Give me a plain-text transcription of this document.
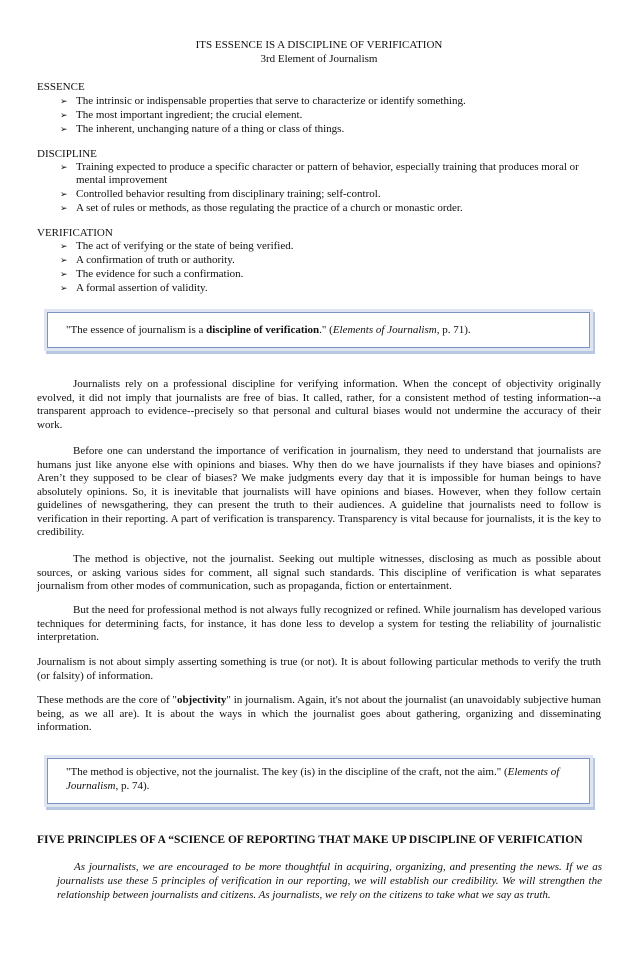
ITS ESSENCE IS A DISCIPLINE OF VERIFICATION
3rd Element of Journalism
ESSENCE
➢ The intrinsic or indispensable properties that serve to characterize or identify something.
➢ The most important ingredient; the crucial element.
➢ The inherent, unchanging nature of a thing or class of things.
DISCIPLINE
➢ Training expected to produce a specific character or pattern of behavior, especially training that produces moral or mental improvement
➢ Controlled behavior resulting from disciplinary training; self-control.
➢ A set of rules or methods, as those regulating the practice of a church or monastic order.
VERIFICATION
➢ The act of verifying or the state of being verified.
➢ A confirmation of truth or authority.
➢ The evidence for such a confirmation.
➢ A formal assertion of validity.
"The essence of journalism is a discipline of verification." (Elements of Journalism, p. 71).
Journalists rely on a professional discipline for verifying information. When the concept of objectivity originally evolved, it did not imply that journalists are free of bias. It called, rather, for a consistent method of testing information--a transparent approach to evidence--precisely so that personal and cultural biases would not undermine the accuracy of their work.
Before one can understand the importance of verification in journalism, they need to understand that journalists are humans just like anyone else with opinions and biases. Why then do we have journalists if they have biases and opinions? Aren’t they supposed to be clear of biases? We make judgments every day that it is impossible for human beings to have absolutely opinions. So, it is inevitable that journalists will have opinions and biases. However, when they follow certain guidelines of newsgathering, they can present the truth to their audiences. A guideline that journalists need to follow is verification in their reporting. A part of verification is transparency. Transparency is vital because for journalists, it is the key to credibility.
The method is objective, not the journalist. Seeking out multiple witnesses, disclosing as much as possible about sources, or asking various sides for comment, all signal such standards. This discipline of verification is what separates journalism from other modes of communication, such as propaganda, fiction or entertainment.
But the need for professional method is not always fully recognized or refined. While journalism has developed various techniques for determining facts, for instance, it has done less to develop a system for testing the reliability of journalistic interpretation.
Journalism is not about simply asserting something is true (or not). It is about following particular methods to verify the truth (or falsity) of information.
These methods are the core of "objectivity" in journalism. Again, it's not about the journalist (an unavoidably subjective human being, as we all are). It is about the ways in which the journalist goes about gathering, organizing and disseminating information.
"The method is objective, not the journalist. The key (is) in the discipline of the craft, not the aim." (Elements of Journalism, p. 74).
FIVE PRINCIPLES OF A “SCIENCE OF REPORTING THAT MAKE UP DISCIPLINE OF VERIFICATION
As journalists, we are encouraged to be more thoughtful in acquiring, organizing, and presenting the news. If we as journalists use these 5 principles of verification in our reporting, we will establish our credibility. We will strengthen the relationship between journalists and citizens. As journalists, we rely on the citizens to take what we say as truth.
